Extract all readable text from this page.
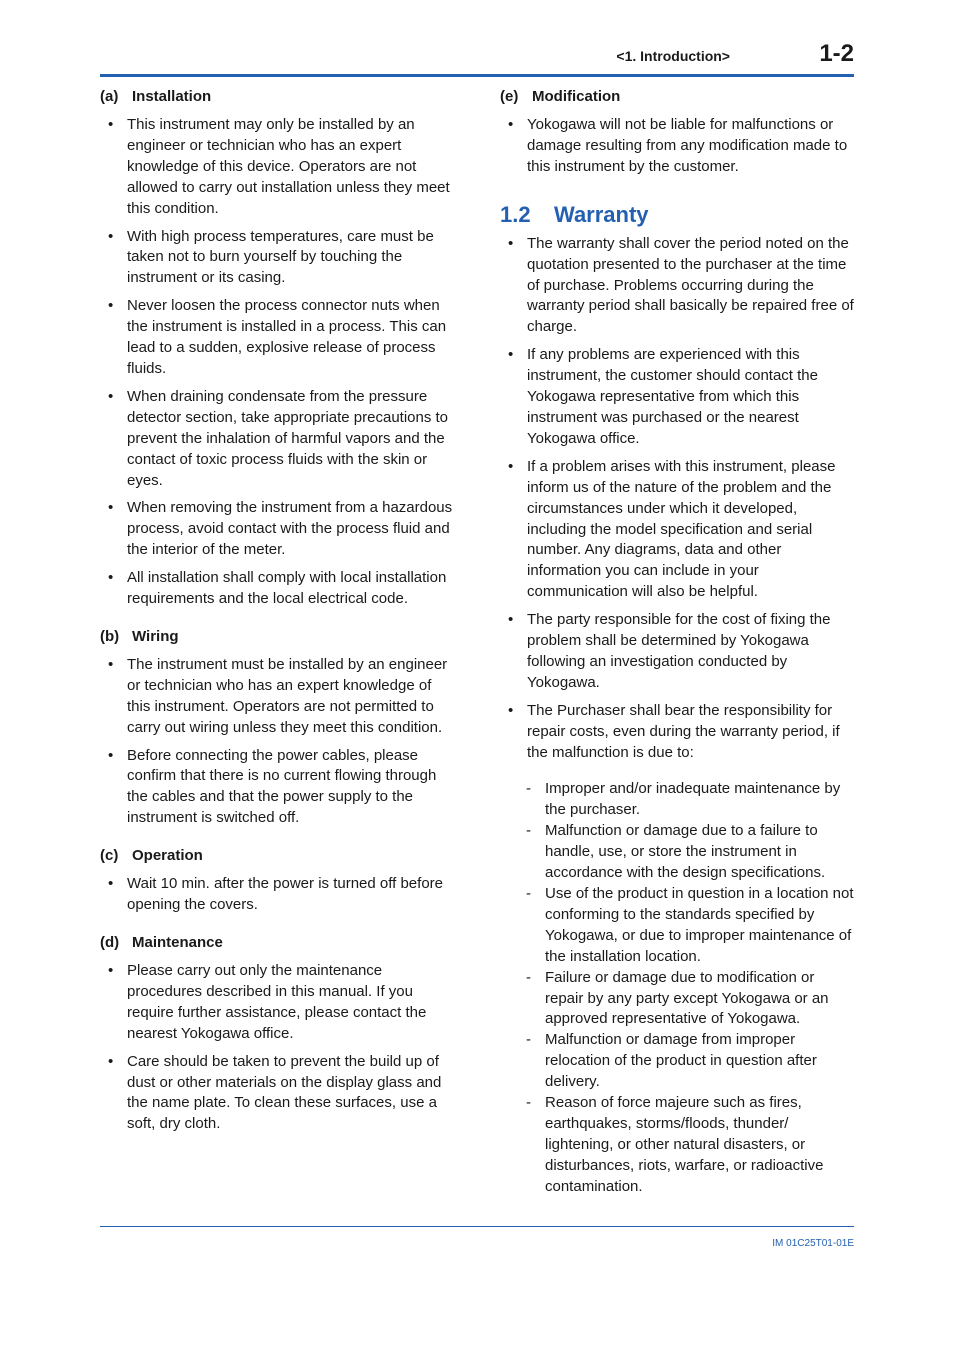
<1. Introduction>	1-2
(a) Installation
• This instrument may only be installed by an engineer or technician who has an expert knowledge of this device. Operators are not allowed to carry out installation unless they meet this condition.
• With high process temperatures, care must be taken not to burn yourself by touching the instrument or its casing.
• Never loosen the process connector nuts when the instrument is installed in a process. This can lead to a sudden, explosive release of process fluids.
• When draining condensate from the pressure detector section, take appropriate precautions to prevent the inhalation of harmful vapors and the contact of toxic process fluids with the skin or eyes.
• When removing the instrument from a hazardous process, avoid contact with the process fluid and the interior of the meter.
• All installation shall comply with local installation requirements and the local electrical code.
(b) Wiring
• The instrument must be installed by an engineer or technician who has an expert knowledge of this instrument. Operators are not permitted to carry out wiring unless they meet this condition.
• Before connecting the power cables, please confirm that there is no current flowing through the cables and that the power supply to the instrument is switched off.
(c) Operation
• Wait 10 min. after the power is turned off before opening the covers.
(d) Maintenance
• Please carry out only the maintenance procedures described in this manual. If you require further assistance, please contact the nearest Yokogawa office.
• Care should be taken to prevent the build up of dust or other materials on the display glass and the name plate. To clean these surfaces, use a soft, dry cloth.
(e) Modification
• Yokogawa will not be liable for malfunctions or damage resulting from any modification made to this instrument by the customer.
1.2 Warranty
• The warranty shall cover the period noted on the quotation presented to the purchaser at the time of purchase. Problems occurring during the warranty period shall basically be repaired free of charge.
• If any problems are experienced with this instrument, the customer should contact the Yokogawa representative from which this instrument was purchased or the nearest Yokogawa office.
• If a problem arises with this instrument, please inform us of the nature of the problem and the circumstances under which it developed, including the model specification and serial number. Any diagrams, data and other information you can include in your communication will also be helpful.
• The party responsible for the cost of fixing the problem shall be determined by Yokogawa following an investigation conducted by Yokogawa.
• The Purchaser shall bear the responsibility for repair costs, even during the warranty period, if the malfunction is due to:
- Improper and/or inadequate maintenance by the purchaser.
- Malfunction or damage due to a failure to handle, use, or store the instrument in accordance with the design specifications.
- Use of the product in question in a location not conforming to the standards specified by Yokogawa, or due to improper maintenance of the installation location.
- Failure or damage due to modification or repair by any party except Yokogawa or an approved representative of Yokogawa.
- Malfunction or damage from improper relocation of the product in question after delivery.
- Reason of force majeure such as fires, earthquakes, storms/floods, thunder/ lightening, or other natural disasters, or disturbances, riots, warfare, or radioactive contamination.
IM 01C25T01-01E
